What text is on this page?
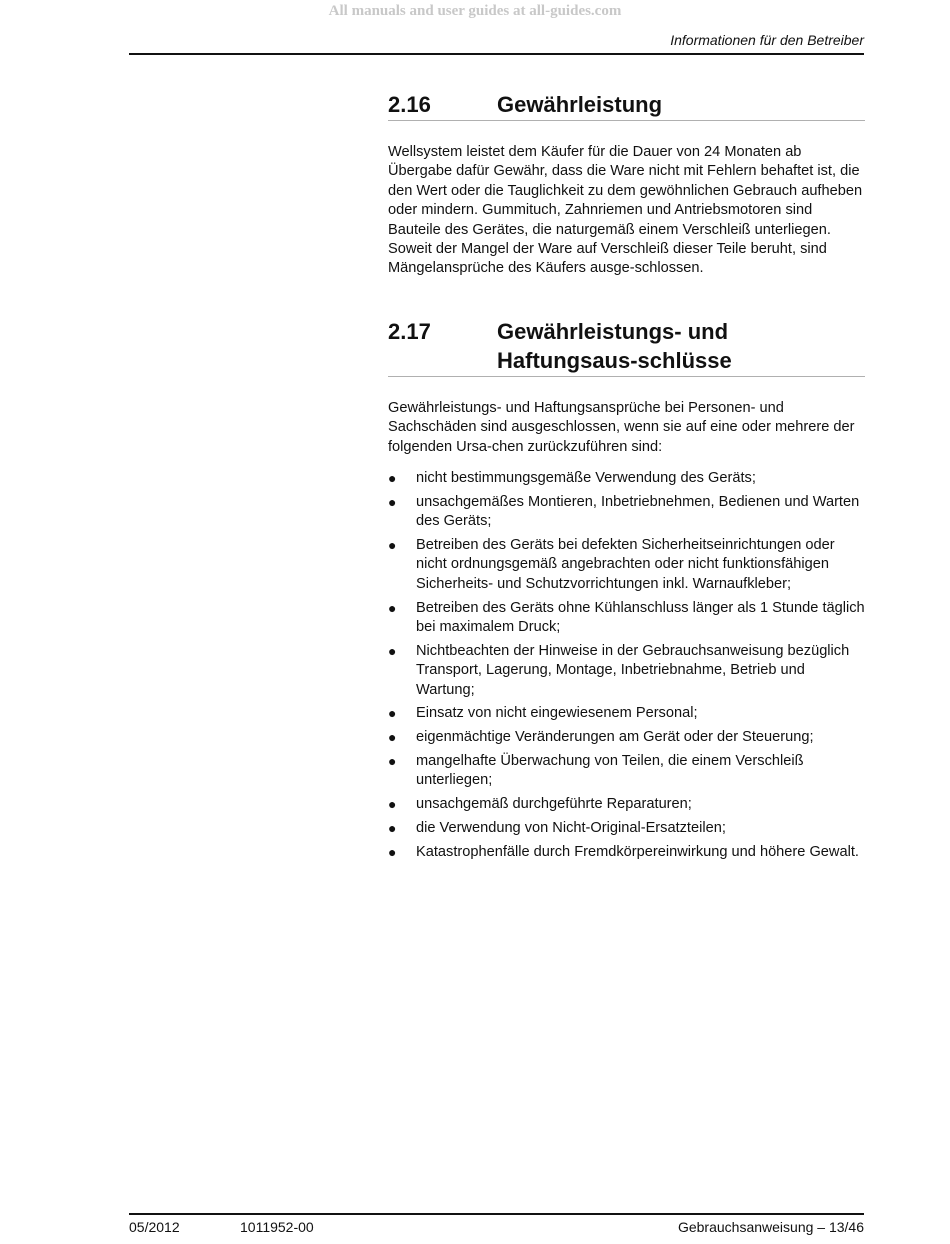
All manuals and user guides at all-guides.com
Informationen für den Betreiber
2.16	Gewährleistung

Wellsystem leistet dem Käufer für die Dauer von 24 Monaten ab Übergabe dafür Gewähr, dass die Ware nicht mit Fehlern behaftet ist, die den Wert oder die Tauglichkeit zu dem gewöhnlichen Gebrauch aufheben oder mindern. Gummituch, Zahnriemen und Antriebsmotoren sind Bauteile des Gerätes, die naturgemäß einem Verschleiß unterliegen. Soweit der Mangel der Ware auf Verschleiß dieser Teile beruht, sind Mängelansprüche des Käufers ausge-schlossen.

2.17	Gewährleistungs- und Haftungsaus-schlüsse

Gewährleistungs- und Haftungsansprüche bei Personen- und Sachschäden sind ausgeschlossen, wenn sie auf eine oder mehrere der folgenden Ursa-chen zurückzuführen sind:

● nicht bestimmungsgemäße Verwendung des Geräts;
● unsachgemäßes Montieren, Inbetriebnehmen, Bedienen und Warten des Geräts;
● Betreiben des Geräts bei defekten Sicherheitseinrichtungen oder nicht ordnungsgemäß angebrachten oder nicht funktionsfähigen Sicherheits- und Schutzvorrichtungen inkl. Warnaufkleber;
● Betreiben des Geräts ohne Kühlanschluss länger als 1 Stunde täglich bei maximalem Druck;
● Nichtbeachten der Hinweise in der Gebrauchsanweisung bezüglich Transport, Lagerung, Montage, Inbetriebnahme, Betrieb und Wartung;
● Einsatz von nicht eingewiesenem Personal;
● eigenmächtige Veränderungen am Gerät oder der Steuerung;
● mangelhafte Überwachung von Teilen, die einem Verschleiß unterliegen;
● unsachgemäß durchgeführte Reparaturen;
● die Verwendung von Nicht-Original-Ersatzteilen;
● Katastrophenfälle durch Fremdkörpereinwirkung und höhere Gewalt.
05/2012	1011952-00	Gebrauchsanweisung – 13/46
